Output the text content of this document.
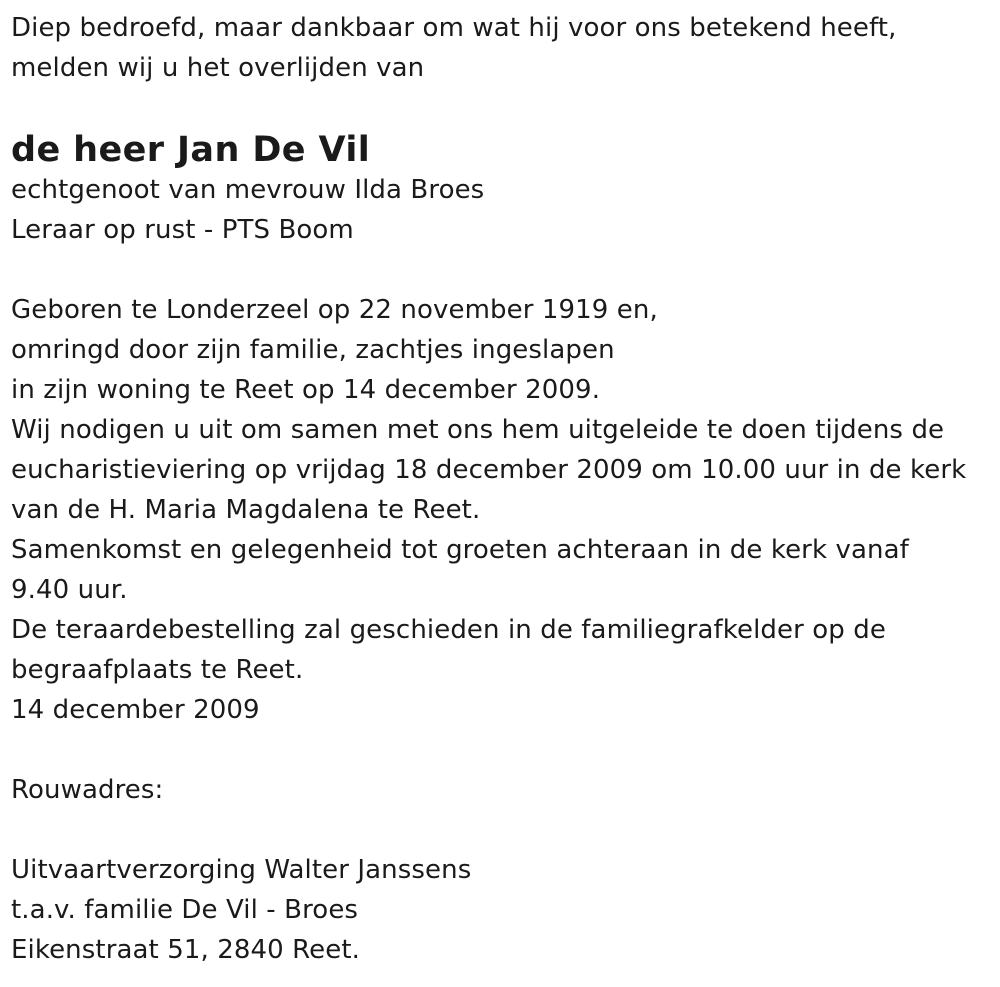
Diep bedroefd, maar dankbaar om wat hij voor ons betekend heeft,
melden wij u het overlijden van
de heer Jan De Vil
echtgenoot van mevrouw Ilda Broes
Leraar op rust - PTS Boom
Geboren te Londerzeel op 22 november 1919 en,
omringd door zijn familie, zachtjes ingeslapen
in zijn woning te Reet op 14 december 2009.
Wij nodigen u uit om samen met ons hem uitgeleide te doen tijdens de
eucharistieviering op vrijdag 18 december 2009 om 10.00 uur in de kerk
van de H. Maria Magdalena te Reet.
Samenkomst en gelegenheid tot groeten achteraan in de kerk vanaf
9.40 uur.
De teraardebestelling zal geschieden in de familiegrafkelder op de
begraafplaats te Reet.
14 december 2009
Rouwadres:
Uitvaartverzorging Walter Janssens
t.a.v. familie De Vil - Broes
Eikenstraat 51, 2840 Reet.
